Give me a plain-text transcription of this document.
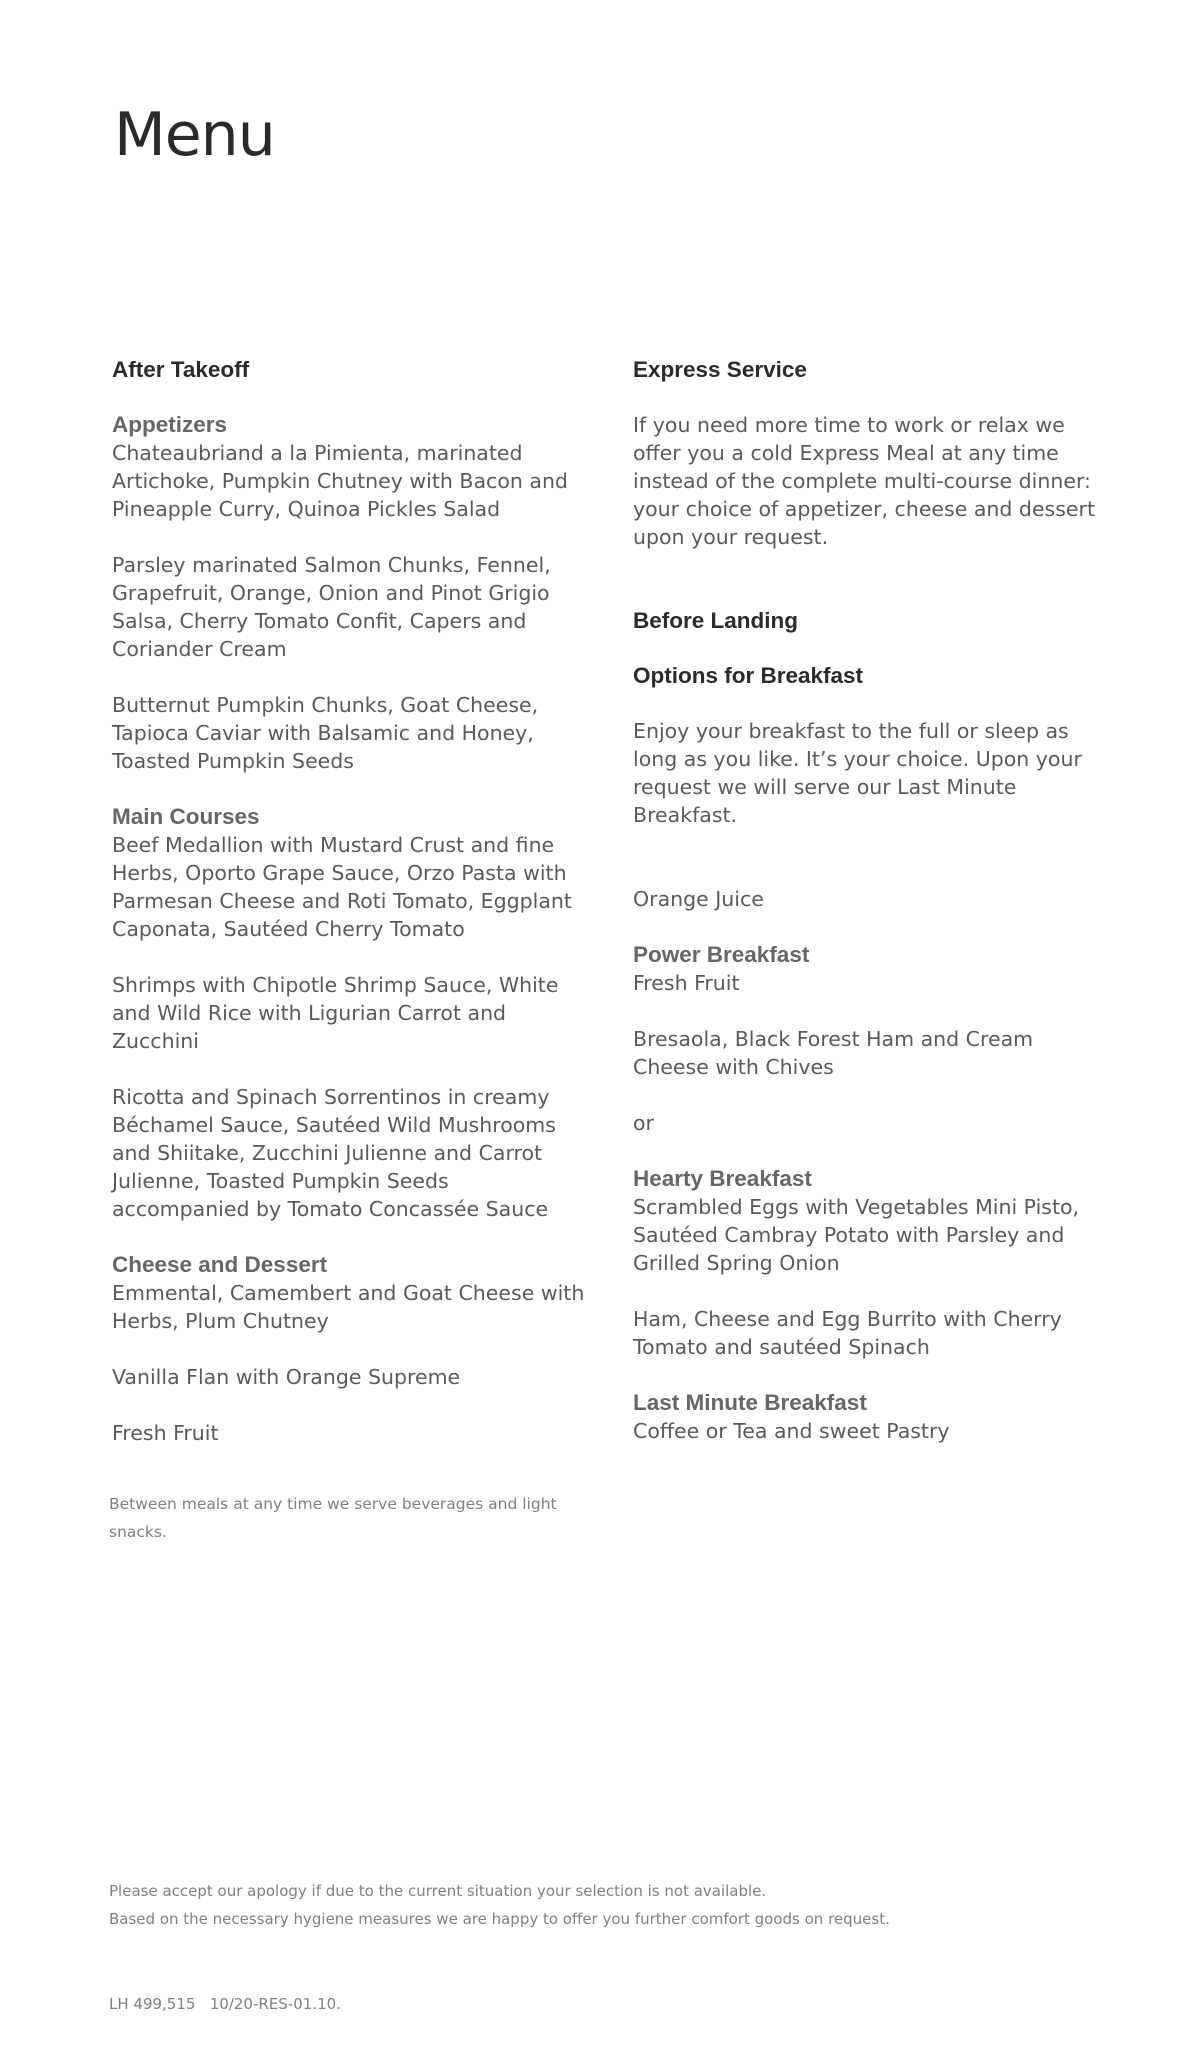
Menu
After Takeoff
Appetizers
Chateaubriand a la Pimienta, marinated Artichoke, Pumpkin Chutney with Bacon and Pineapple Curry, Quinoa Pickles Salad
Parsley marinated Salmon Chunks, Fennel, Grapefruit, Orange, Onion and Pinot Grigio Salsa, Cherry Tomato Confit, Capers and Coriander Cream
Butternut Pumpkin Chunks, Goat Cheese, Tapioca Caviar with Balsamic and Honey, Toasted Pumpkin Seeds
Main Courses
Beef Medallion with Mustard Crust and fine Herbs, Oporto Grape Sauce, Orzo Pasta with Parmesan Cheese and Roti Tomato, Eggplant Caponata, Sautéed Cherry Tomato
Shrimps with Chipotle Shrimp Sauce, White and Wild Rice with Ligurian Carrot and Zucchini
Ricotta and Spinach Sorrentinos in creamy Béchamel Sauce, Sautéed Wild Mushrooms and Shiitake, Zucchini Julienne and Carrot Julienne, Toasted Pumpkin Seeds accompanied by Tomato Concassée Sauce
Cheese and Dessert
Emmental, Camembert and Goat Cheese with Herbs, Plum Chutney
Vanilla Flan with Orange Supreme
Fresh Fruit
Between meals at any time we serve beverages and light snacks.
Express Service
If you need more time to work or relax we offer you a cold Express Meal at any time instead of the complete multi-course dinner: your choice of appetizer, cheese and dessert upon your request.
Before Landing
Options for Breakfast
Enjoy your breakfast to the full or sleep as long as you like. It’s your choice. Upon your request we will serve our Last Minute Breakfast.
Orange Juice
Power Breakfast
Fresh Fruit
Bresaola, Black Forest Ham and Cream Cheese with Chives
or
Hearty Breakfast
Scrambled Eggs with Vegetables Mini Pisto, Sautéed Cambray Potato with Parsley and Grilled Spring Onion
Ham, Cheese and Egg Burrito with Cherry Tomato and sautéed Spinach
Last Minute Breakfast
Coffee or Tea and sweet Pastry
Please accept our apology if due to the current situation your selection is not available.
Based on the necessary hygiene measures we are happy to offer you further comfort goods on request.
LH 499,515   10/20-RES-01.10.
